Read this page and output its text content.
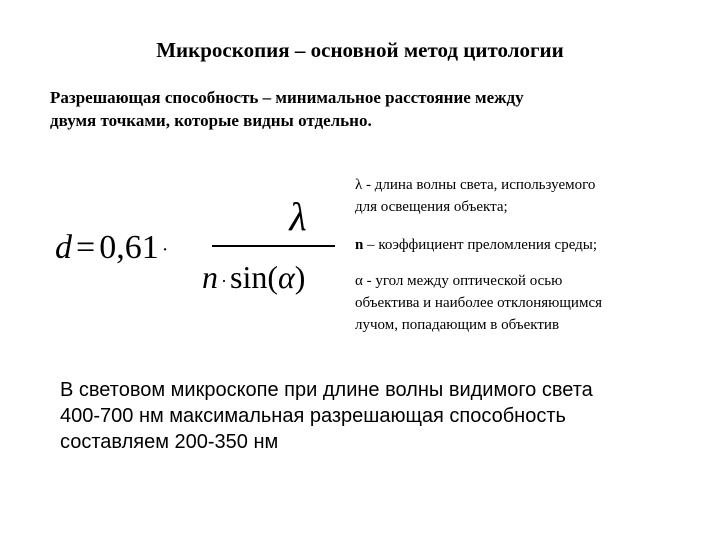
Микроскопия – основной метод цитологии
Разрешающая способность – минимальное расстояние между
двумя точками, которые видны отдельно.
d = 0,61 ·
λ
n ·sin(α)
λ - длина волны света, используемого
для освещения объекта;
n – коэффициент преломления среды;
α - угол между оптической осью
объектива и наиболее отклоняющимся
лучом, попадающим в объектив
В световом микроскопе при длине волны видимого света
400-700 нм максимальная разрешающая способность
составляем 200-350 нм
